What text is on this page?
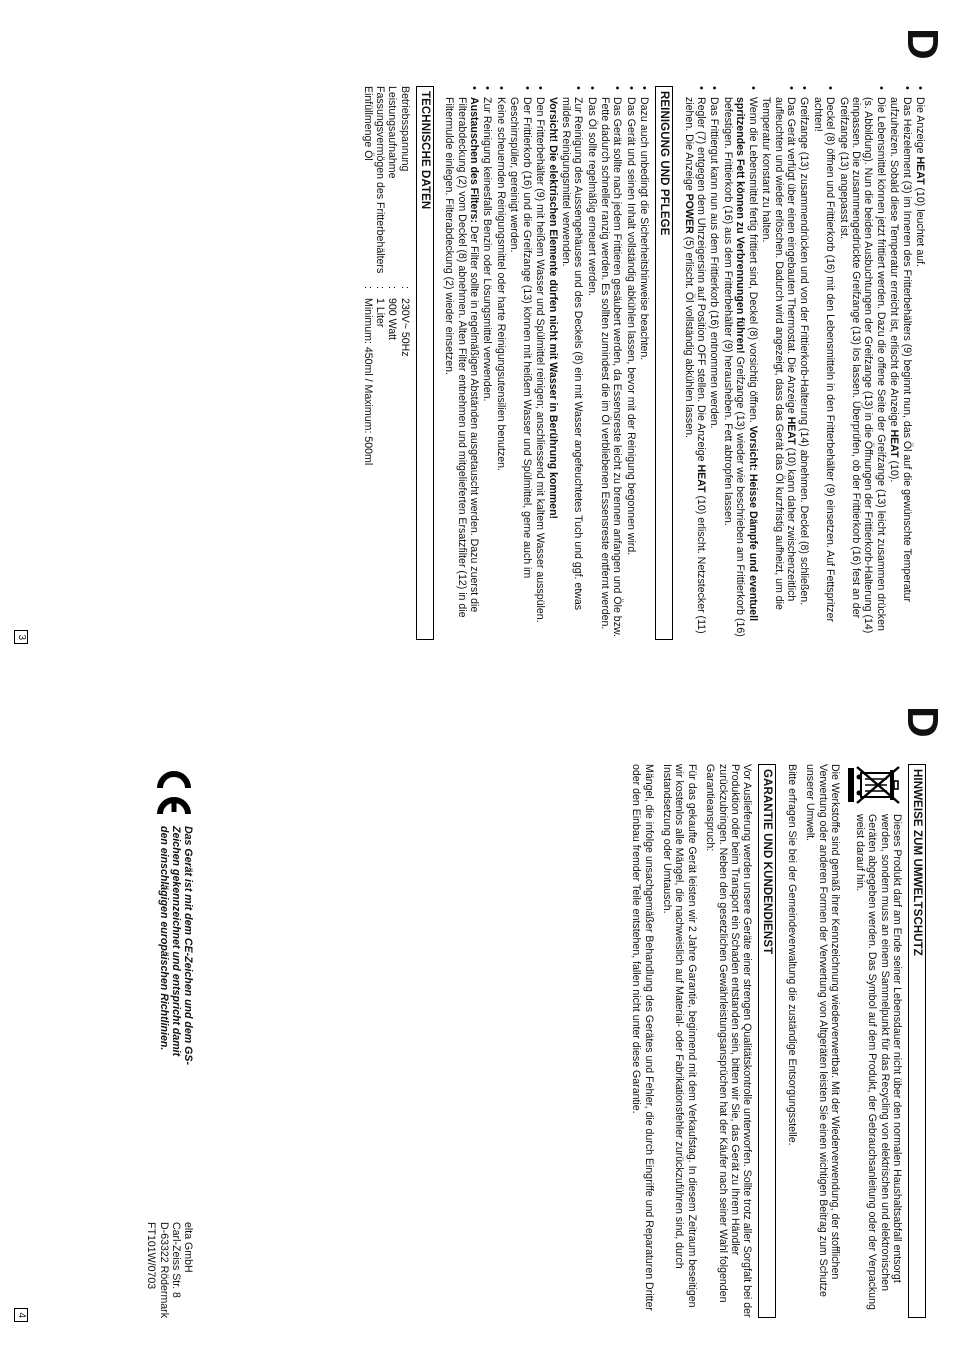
D
• Die Anzeige HEAT (10) leuchtet auf.
• Das Heizelement (3) im Inneren des Fritterbehälters (9) beginnt nun, das Öl auf die gewünschte Temperatur aufzuheizen. Sobald diese Temperatur erreicht ist, erlischt die Anzeige HEAT (10).
• Die Lebensmittel können jetzt frittiert werden. Dazu die offene Seite der Greifzange (13) leicht zusammen drücken (s. Abbildung). Nun die beiden Ausbuchtungen der Greifzange (13) in die Öffnungen der Frittierkorb-Halterung (14) einpassen. Die zusammengedrückte Greifzange (13) los lassen. Überprüfen, ob der Frittierkorb (16) fest an der Greifzange (13) angepasst ist.
• Deckel (8) öffnen und Frittierkorb (16) mit den Lebensmitteln in den Fritterbehälter (9) einsetzen. Auf Fettspritzer achten!
• Greifzange (13) zusammendrücken und von der Frittierkorb-Halterung (14) abnehmen. Deckel (8) schließen.
• Das Gerät verfügt über einen eingebauten Thermostat. Die Anzeige HEAT (10) kann daher zwischenzeitlich aufleuchten und wieder erlöschen. Dadurch wird angezeigt, dass das Gerät das Öl kurzfristig aufheizt, um die Temperatur konstant zu halten.
• Wenn die Lebensmittel fertig frittiert sind, Deckel (8) vorsichtig öffnen. Vorsicht: Heisse Dämpfe und eventuell spritzendes Fett können zu Verbrennungen führen! Greifzange (13) wieder wie beschrieben am Frittierkorb (16) befestigen. Frittierkorb (16) aus dem Fritterbehälter (9) herausheben. Fett abtropfen lassen.
• Das Frittiergut kann nun aus dem Frittierkorb (16) entnommen werden.
• Regler (7) entgegen dem Uhrzeigersinn auf Position OFF stellen. Die Anzeige HEAT (10) erlischt. Netzstecker (11) ziehen. Die Anzeige POWER (5) erlischt. Öl vollständig abkühlen lassen.
REINIGUNG UND PFLEGE
• Dazu auch unbedingt die Sicherheitshinweise beachten.
• Das Gerät und seinen Inhalt vollständig abkühlen lassen, bevor mit der Reinigung begonnen wird.
• Das Gerät sollte nach jedem Frittieren gesäubert werden, da Essensreste leicht zu brennen anfangen und Öle bzw. Fette dadurch schneller ranzig werden. Es sollten zumindest die im Öl verbliebenen Essensreste entfernt werden.
• Das Öl sollte regelmäßig erneuert werden.
• Zur Reinigung des Aussengehäuses und des Deckels (8) ein mit Wasser angefeuchtetes Tuch und ggf. etwas mildes Reinigungsmittel verwenden.
Vorsicht! Die elektrischen Elemente dürfen nicht mit Wasser in Berührung kommen!
• Den Fritterbehälter (9) mit heißem Wasser und Spülmittel reinigen; anschliessend mit kaltem Wasser ausspülen.
• Der Frittierkorb (16) und die Greifzange (13) können mit heißem Wasser und Spülmittel, gerne auch im Geschirrspüler, gereinigt werden.
• Keine scheuernden Reinigungsmittel oder harte Reinigungsutensilien benutzen.
• Zur Reinigung keinesfalls Benzin oder Lösungsmittel verwenden.
• Austauschen des Filters: Der Filter sollte in regelmäßigen Abständen ausgetauscht werden. Dazu zuerst die Filterabdeckung (2) vom Deckel (8) abnehmen. Alten Filter entnehmen und mitgelieferten Ersatzfilter (12) in die Filtermulde einlegen. Filterabdeckung (2) wieder einsetzen.
TECHNISCHE DATEN
Betriebsspannung
:
230V~ 50Hz
Leistungsaufnahme
:
900 Watt
Fassungsvermögen des Fritterbehälters
:
1 Liter
Einfüllmenge Öl
:
Minimum: 450ml / Maximum: 500ml
3
D
HINWEISE ZUM UMWELTSCHUTZ
Dieses Produkt darf am Ende seiner Lebensdauer nicht über den normalen Haushaltsabfall entsorgt werden, sondern muss an einem Sammelpunkt für das Recycling von elektrischen und elektronischen Geräten abgegeben werden. Das Symbol auf dem Produkt, der Gebrauchsanleitung oder der Verpackung weist darauf hin.
Die Werkstoffe sind gemäß ihrer Kennzeichnung wiederverwertbar. Mit der Wiederverwendung, der stofflichen Verwertung oder anderen Formen der Verwertung von Altgeräten leisten Sie einen wichtigen Beitrag zum Schutze unserer Umwelt.
Bitte erfragen Sie bei der Gemeindeverwaltung die zuständige Entsorgungsstelle.
GARANTIE UND KUNDENDIENST
Vor Auslieferung werden unsere Geräte einer strengen Qualitätskontrolle unterworfen. Sollte trotz aller Sorgfalt bei der Produktion oder beim Transport ein Schaden entstanden sein, bitten wir Sie, das Gerät zu Ihrem Händler zurückzubringen. Neben den gesetzlichen Gewährleistungsansprüchen hat der Käufer nach seiner Wahl folgenden Garantieanspruch:
Für das gekaufte Gerät leisten wir 2 Jahre Garantie, beginnend mit dem Verkaufstag. In diesem Zeitraum beseitigen wir kostenlos alle Mängel, die nachweislich auf Material- oder Fabrikationsfehler zurückzuführen sind, durch Instandsetzung oder Umtausch.
Mängel, die infolge unsachgemäßer Behandlung des Gerätes und Fehler, die durch Eingriffe und Reparaturen Dritter oder den Einbau fremder Teile entstehen, fallen nicht unter diese Garantie.
Das Gerät ist mit dem CE-Zeichen und dem GS-Zeichen gekennzeichnet und entspricht damit den einschlägigen europäischen Richtlinien.
elta GmbH
Carl-Zeiss Str. 8
D-63322 Rödermark
FT101W/0703
4
